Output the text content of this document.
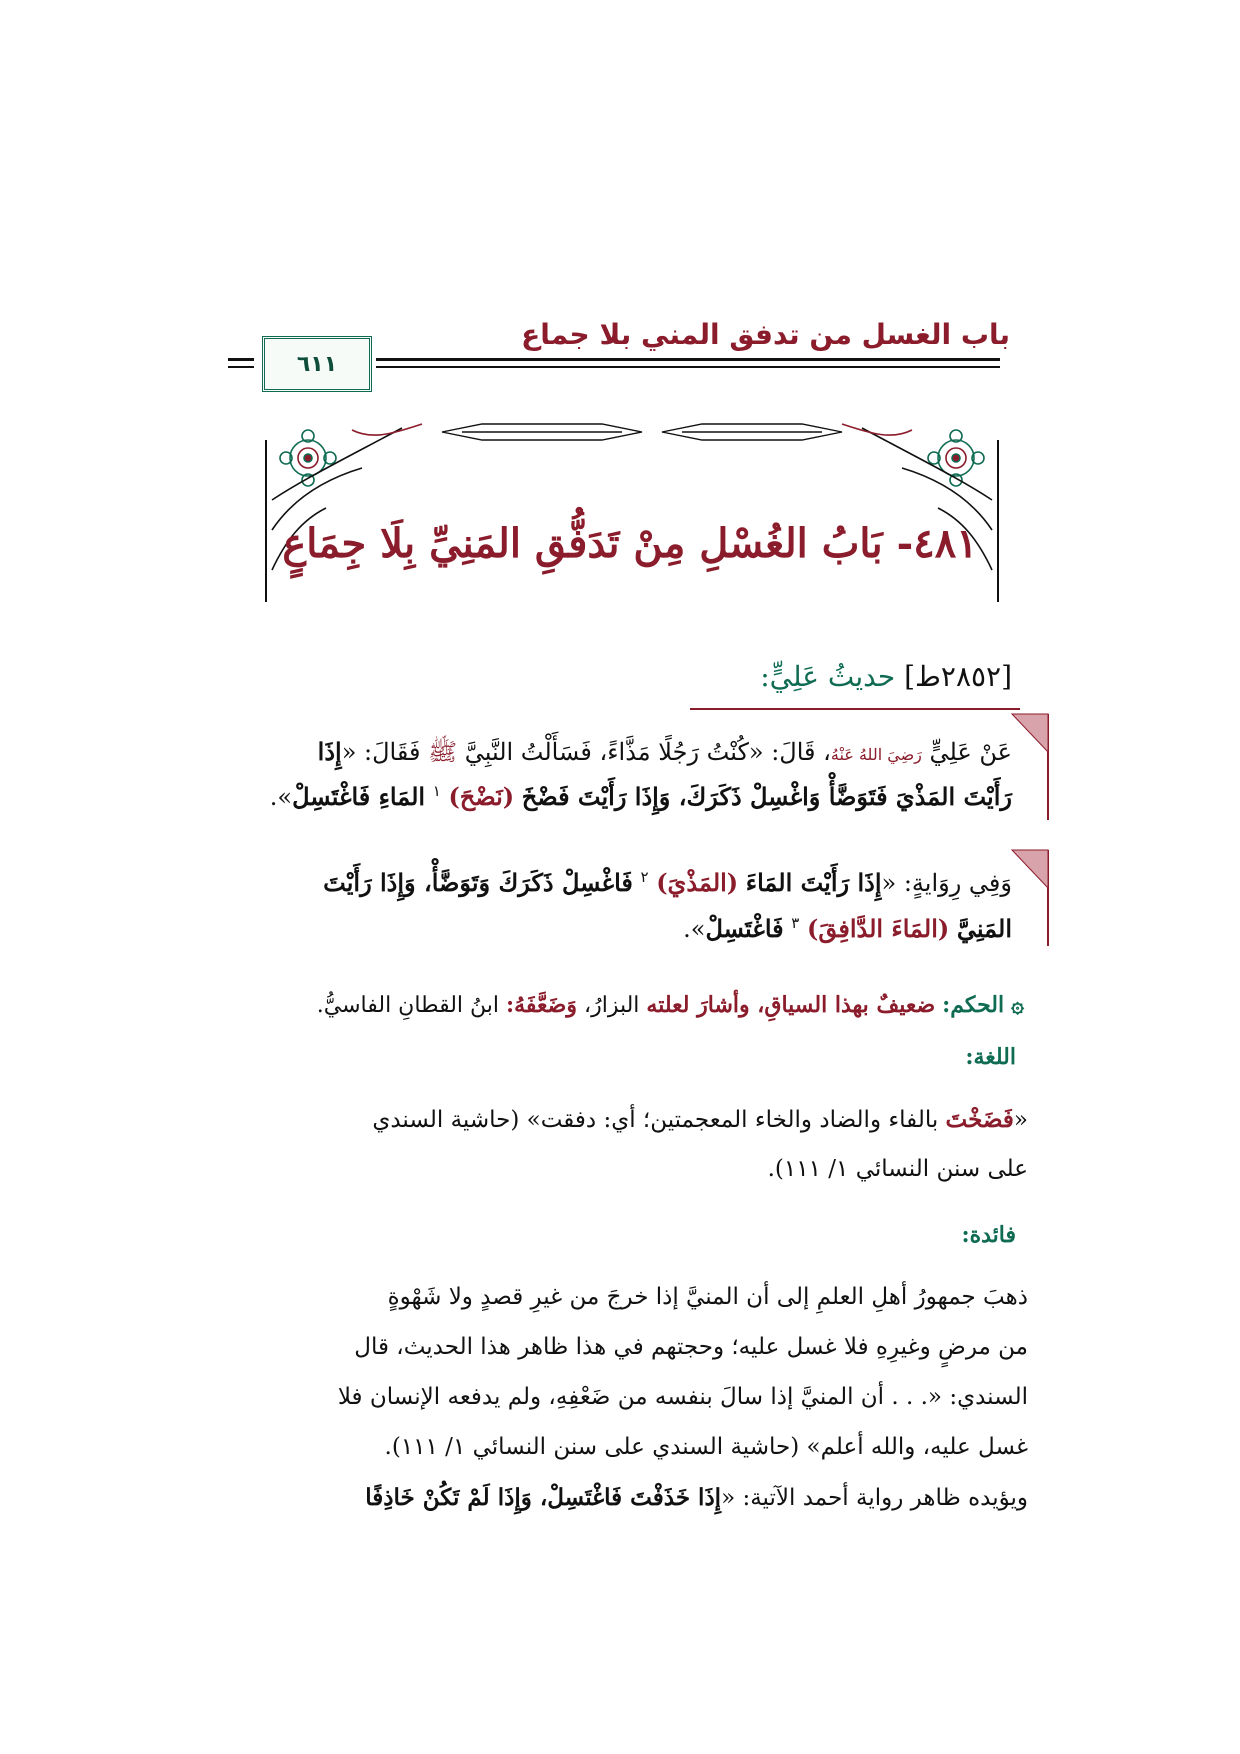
باب الغسل من تدفق المني بلا جماع
٦١١
٤٨١- بَابُ الغُسْلِ مِنْ تَدَفُّقِ المَنِيِّ بِلَا جِمَاعٍ
[٢٨٥٢ط] حديثُ عَلِيٍّ:
عَنْ عَلِيٍّ رَضِيَ اللهُ عَنْهُ، قَالَ: «كُنْتُ رَجُلًا مَذَّاءً، فَسَأَلْتُ النَّبِيَّ ﷺ فَقَالَ: «إِذَا
رَأَيْتَ المَذْيَ فَتَوَضَّأْ وَاغْسِلْ ذَكَرَكَ، وَإِذَا رَأَيْتَ فَضْخَ (نَضْحَ) $^١$ المَاءِ فَاغْتَسِلْ».
وَفِي رِوَايةٍ: «إِذَا رَأَيْتَ المَاءَ (المَذْيَ) $^٢$ فَاغْسِلْ ذَكَرَكَ وَتَوَضَّأْ، وَإِذَا رَأَيْتَ
المَنِيَّ (المَاءَ الدَّافِقَ) $^٣$ فَاغْتَسِلْ».
۞ الحكم: ضعيفٌ بهذا السياقِ، وأشارَ لعلته البزارُ، وَضَعَّفَهُ: ابنُ القطانِ الفاسيُّ.
اللغة:
«فَضَخْتَ بالفاء والضاد والخاء المعجمتين؛ أي: دفقت» (حاشية السندي
على سنن النسائي ١/ ١١١).
فائدة:
ذهبَ جمهورُ أهلِ العلمِ إلى أن المنيَّ إذا خرجَ من غيرِ قصدٍ ولا شَهْوةٍ
من مرضٍ وغيرِهِ فلا غسل عليه؛ وحجتهم في هذا ظاهر هذا الحديث، قال
السندي: «. . . أن المنيَّ إذا سالَ بنفسه من ضَعْفِهِ، ولم يدفعه الإنسان فلا
غسل عليه، والله أعلم» (حاشية السندي على سنن النسائي ١/ ١١١).
ويؤيده ظاهر رواية أحمد الآتية: «إِذَا خَذَفْتَ فَاغْتَسِلْ، وَإِذَا لَمْ تَكُنْ خَاذِفًا
